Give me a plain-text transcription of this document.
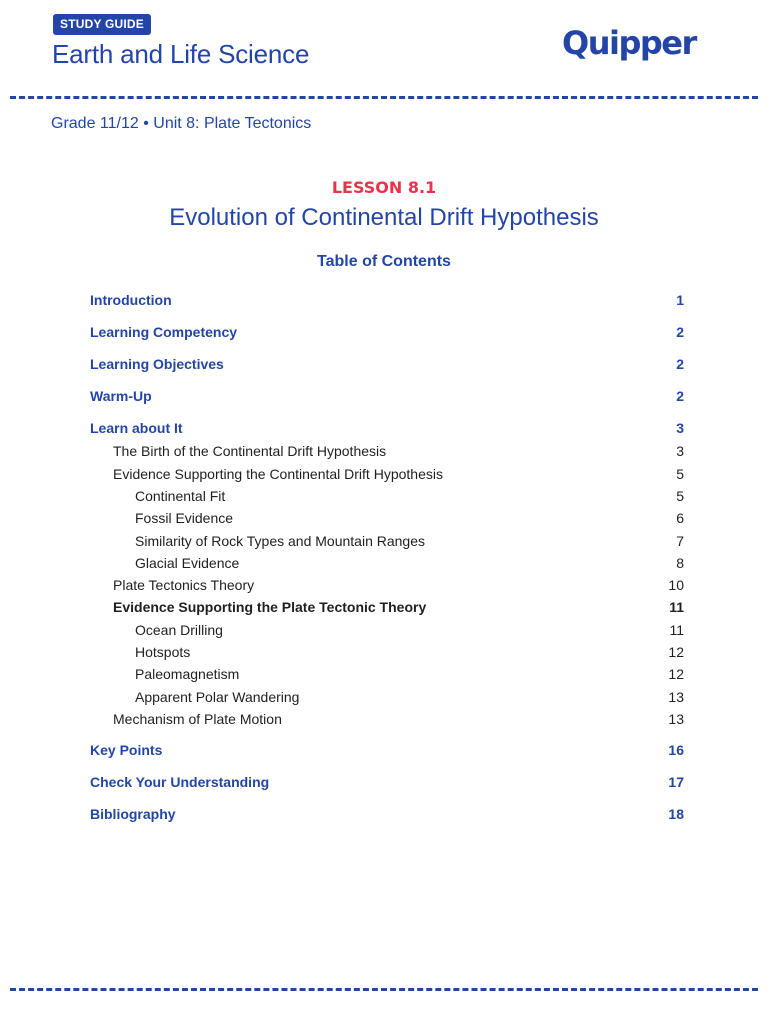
STUDY GUIDE
Earth and Life Science	Quipper
Grade 11/12 • Unit 8: Plate Tectonics
LESSON 8.1
Evolution of Continental Drift Hypothesis
Table of Contents
Introduction	1
Learning Competency	2
Learning Objectives	2
Warm-Up	2
Learn about It	3
The Birth of the Continental Drift Hypothesis	3
Evidence Supporting the Continental Drift Hypothesis	5
Continental Fit	5
Fossil Evidence	6
Similarity of Rock Types and Mountain Ranges	7
Glacial Evidence	8
Plate Tectonics Theory	10
Evidence Supporting the Plate Tectonic Theory	11
Ocean Drilling	11
Hotspots	12
Paleomagnetism	12
Apparent Polar Wandering	13
Mechanism of Plate Motion	13
Key Points	16
Check Your Understanding	17
Bibliography	18
